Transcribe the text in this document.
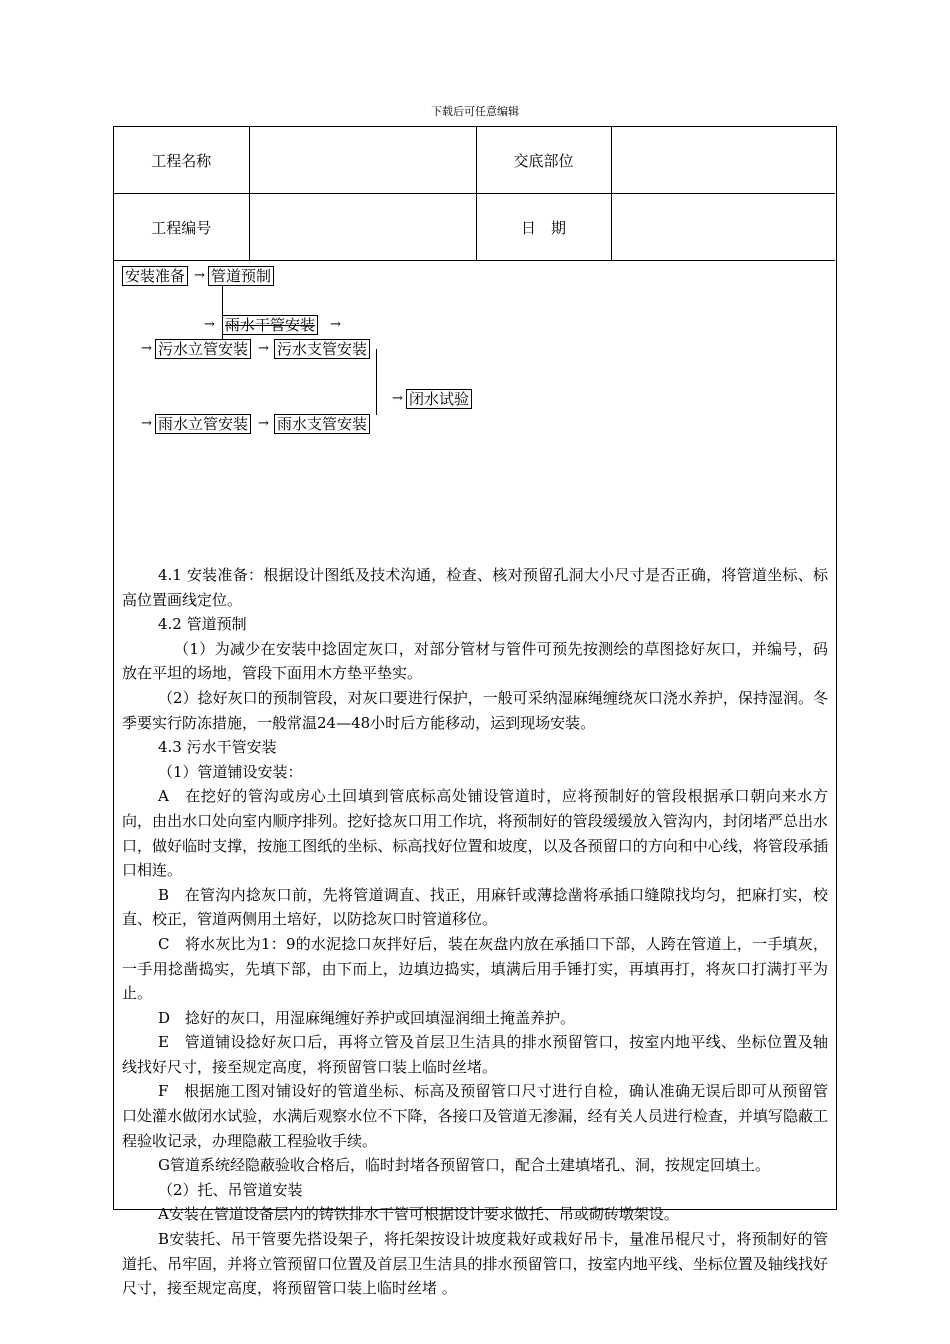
下载后可任意编辑
工程名称		交底部位	
工程编号		日　期	
安装准备 → 管道预制
→ 雨水干管安装 →
→ 污水立管安装 → 污水支管安装
→ 闭水试验
→ 雨水立管安装 → 雨水支管安装

4.1 安装准备：根据设计图纸及技术沟通，检查、核对预留孔洞大小尺寸是否正确，将管道坐标、标高位置画线定位。

4.2 管道预制

（1）为减少在安装中捻固定灰口，对部分管材与管件可预先按测绘的草图捻好灰口，并编号，码放在平坦的场地，管段下面用木方垫平垫实。

（2）捻好灰口的预制管段，对灰口要进行保护，一般可采纳湿麻绳缠绕灰口浇水养护，保持湿润。冬季要实行防冻措施，一般常温24—48小时后方能移动，运到现场安装。

4.3 污水干管安装

（1）管道铺设安装：

A　在挖好的管沟或房心土回填到管底标高处铺设管道时，应将预制好的管段根据承口朝向来水方向，由出水口处向室内顺序排列。挖好捻灰口用工作坑，将预制好的管段缓缓放入管沟内，封闭堵严总出水口，做好临时支撑，按施工图纸的坐标、标高找好位置和坡度，以及各预留口的方向和中心线，将管段承插口相连。

B　在管沟内捻灰口前，先将管道调直、找正，用麻钎或薄捻凿将承插口缝隙找均匀，把麻打实，校直、校正，管道两侧用土培好，以防捻灰口时管道移位。

C　将水灰比为1：9的水泥捻口灰拌好后，装在灰盘内放在承插口下部，人跨在管道上，一手填灰，一手用捻凿捣实，先填下部，由下而上，边填边捣实，填满后用手锤打实，再填再打，将灰口打满打平为止。

D　捻好的灰口，用湿麻绳缠好养护或回填湿润细土掩盖养护。

E　管道铺设捻好灰口后，再将立管及首层卫生洁具的排水预留管口，按室内地平线、坐标位置及轴线找好尺寸，接至规定高度，将预留管口装上临时丝堵。

F　根据施工图对铺设好的管道坐标、标高及预留管口尺寸进行自检，确认准确无误后即可从预留管口处灌水做闭水试验，水满后观察水位不下降，各接口及管道无渗漏，经有关人员进行检查，并填写隐蔽工程验收记录，办理隐蔽工程验收手续。

G管道系统经隐蔽验收合格后，临时封堵各预留管口，配合土建填堵孔、洞，按规定回填土。

（2）托、吊管道安装

A安装在管道设备层内的铸铁排水干管可根据设计要求做托、吊或砌砖墩架设。

B安装托、吊干管要先搭设架子，将托架按设计坡度栽好或栽好吊卡，量准吊棍尺寸，将预制好的管道托、吊牢固，并将立管预留口位置及首层卫生洁具的排水预留管口，按室内地平线、坐标位置及轴线找好尺寸，接至规定高度，将预留管口装上临时丝堵 。
